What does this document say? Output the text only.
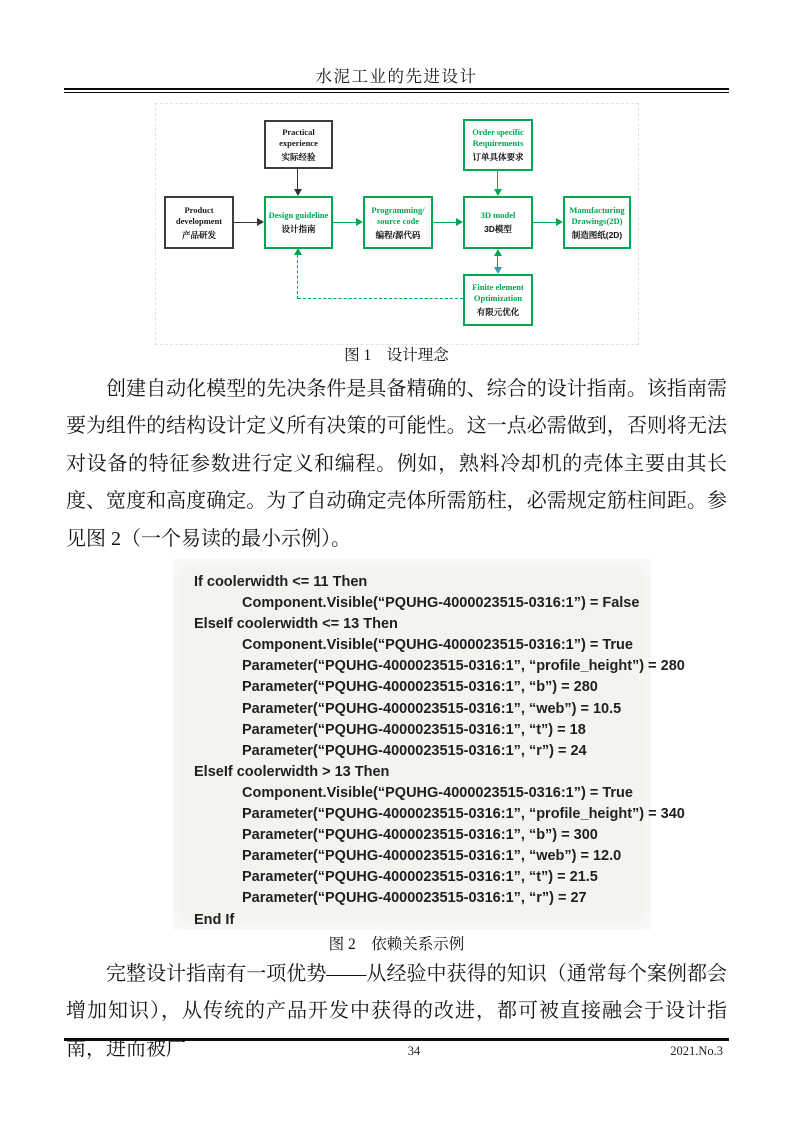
水泥工业的先进设计
Practical
experience
实际经验
Order specific
Requirements
订单具体要求
Product
development
产品研发
Design guideline
设计指南
Programming/
source code
编程/源代码
3D model
3D模型
Manufacturing
Drawings(2D)
制造图纸(2D)
Finite element
Optimization
有限元优化
图 1　设计理念
创建自动化模型的先决条件是具备精确的、综合的设计指南。该指南需要为组件的结构设计定义所有决策的可能性。这一点必需做到，否则将无法对设备的特征参数进行定义和编程。例如，熟料冷却机的壳体主要由其长度、宽度和高度确定。为了自动确定壳体所需筋柱，必需规定筋柱间距。参见图 2（一个易读的最小示例）。
If coolerwidth <= 11 Then
Component.Visible(“PQUHG-4000023515-0316:1”) = False
ElseIf coolerwidth <= 13 Then
Component.Visible(“PQUHG-4000023515-0316:1”) = True
Parameter(“PQUHG-4000023515-0316:1”, “profile_height”) = 280
Parameter(“PQUHG-4000023515-0316:1”, “b”) = 280
Parameter(“PQUHG-4000023515-0316:1”, “web”) = 10.5
Parameter(“PQUHG-4000023515-0316:1”, “t”) = 18
Parameter(“PQUHG-4000023515-0316:1”, “r”) = 24
ElseIf coolerwidth > 13 Then
Component.Visible(“PQUHG-4000023515-0316:1”) = True
Parameter(“PQUHG-4000023515-0316:1”, “profile_height”) = 340
Parameter(“PQUHG-4000023515-0316:1”, “b”) = 300
Parameter(“PQUHG-4000023515-0316:1”, “web”) = 12.0
Parameter(“PQUHG-4000023515-0316:1”, “t”) = 21.5
Parameter(“PQUHG-4000023515-0316:1”, “r”) = 27
End If
图 2　依赖关系示例
完整设计指南有一项优势——从经验中获得的知识（通常每个案例都会增加知识），从传统的产品开发中获得的改进，都可被直接融会于设计指南，进而被广	34	2021.No.3
